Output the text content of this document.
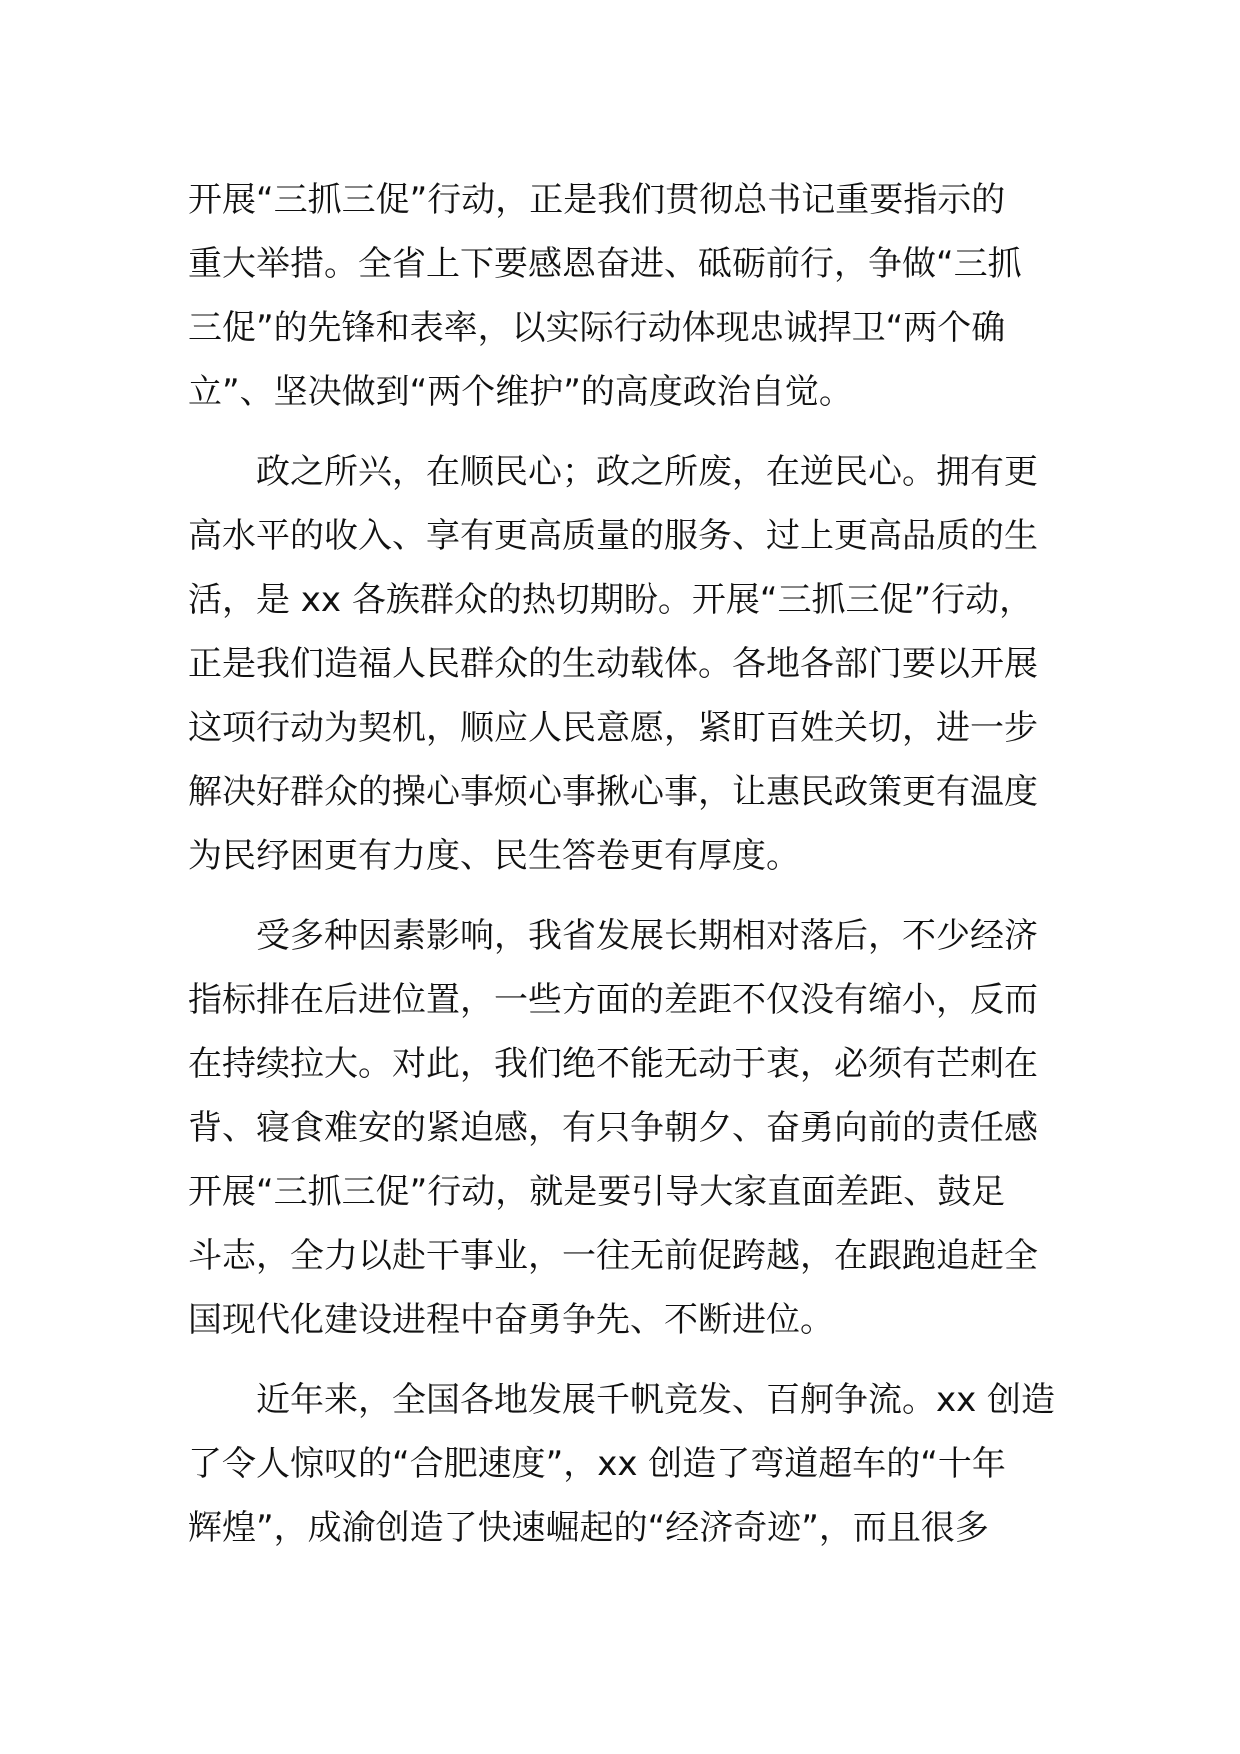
开展“三抓三促”行动，正是我们贯彻总书记重要指示的
重大举措。全省上下要感恩奋进、砥砺前行，争做“三抓
三促”的先锋和表率，以实际行动体现忠诚捍卫“两个确
立”、坚决做到“两个维护”的高度政治自觉。
政之所兴，在顺民心；政之所废，在逆民心。拥有更
高水平的收入、享有更高质量的服务、过上更高品质的生
活，是 xx 各族群众的热切期盼。开展“三抓三促”行动，
正是我们造福人民群众的生动载体。各地各部门要以开展
这项行动为契机，顺应人民意愿，紧盯百姓关切，进一步
解决好群众的操心事烦心事揪心事，让惠民政策更有温度
为民纾困更有力度、民生答卷更有厚度。
受多种因素影响，我省发展长期相对落后，不少经济
指标排在后进位置，一些方面的差距不仅没有缩小，反而
在持续拉大。对此，我们绝不能无动于衷，必须有芒刺在
背、寝食难安的紧迫感，有只争朝夕、奋勇向前的责任感
开展“三抓三促”行动，就是要引导大家直面差距、鼓足
斗志，全力以赴干事业，一往无前促跨越，在跟跑追赶全
国现代化建设进程中奋勇争先、不断进位。
近年来，全国各地发展千帆竞发、百舸争流。xx 创造
了令人惊叹的“合肥速度”，xx 创造了弯道超车的“十年
辉煌”，成渝创造了快速崛起的“经济奇迹”，而且很多
